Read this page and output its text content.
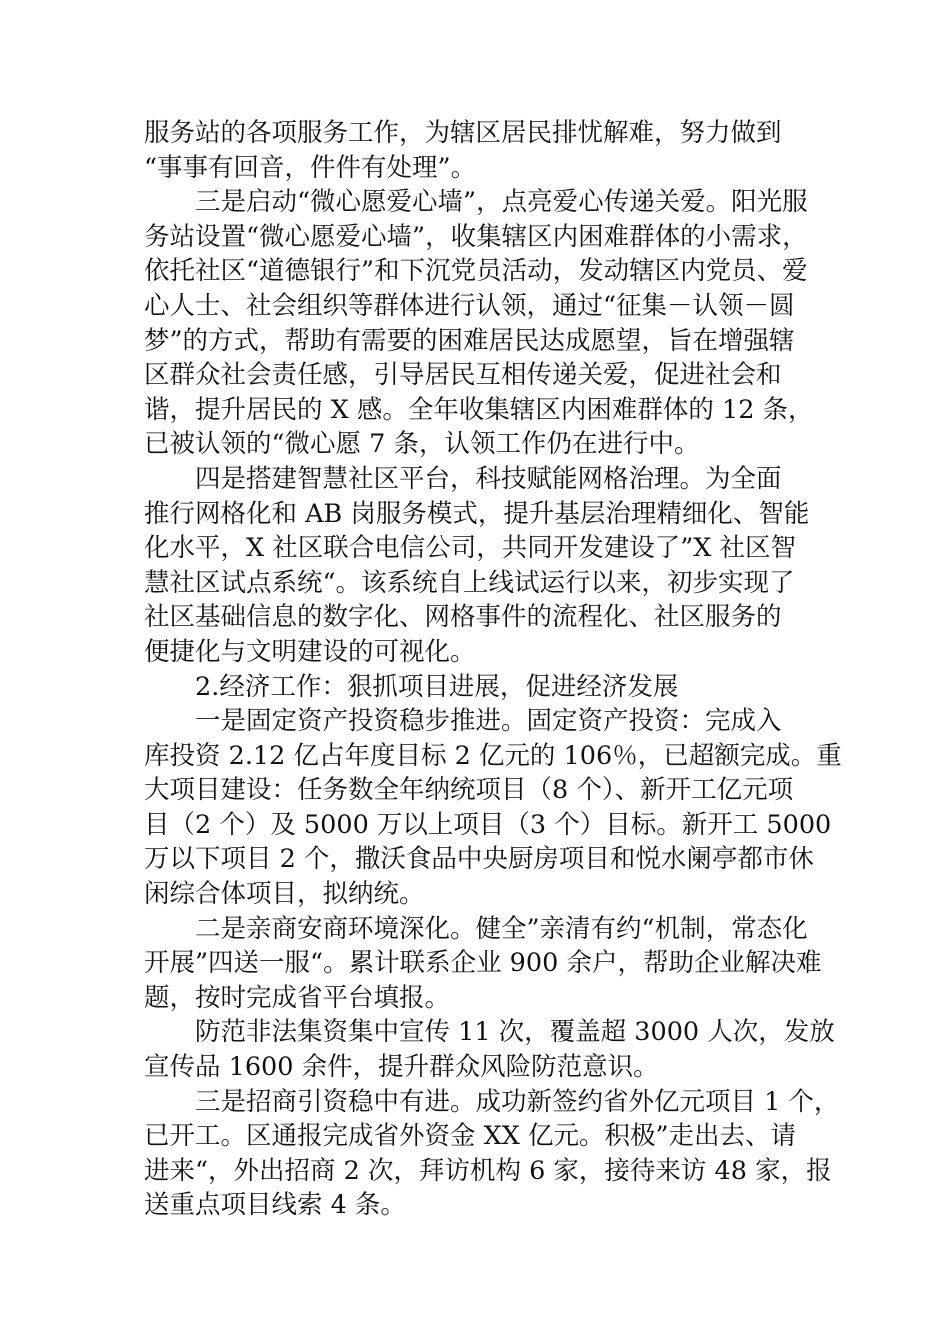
服务站的各项服务工作，为辖区居民排忧解难，努力做到
“事事有回音，件件有处理”。
三是启动“微心愿爱心墙”，点亮爱心传递关爱。阳光服
务站设置“微心愿爱心墙”，收集辖区内困难群体的小需求，
依托社区“道德银行”和下沉党员活动，发动辖区内党员、爱
心人士、社会组织等群体进行认领，通过“征集－认领－圆
梦”的方式，帮助有需要的困难居民达成愿望，旨在增强辖
区群众社会责任感，引导居民互相传递关爱，促进社会和
谐，提升居民的 X 感。全年收集辖区内困难群体的 12 条，
已被认领的“微心愿 7 条，认领工作仍在进行中。
四是搭建智慧社区平台，科技赋能网格治理。为全面
推行网格化和 AB 岗服务模式，提升基层治理精细化、智能
化水平，X 社区联合电信公司，共同开发建设了”X 社区智
慧社区试点系统“。该系统自上线试运行以来，初步实现了
社区基础信息的数字化、网格事件的流程化、社区服务的
便捷化与文明建设的可视化。
2.经济工作：狠抓项目进展，促进经济发展
一是固定资产投资稳步推进。固定资产投资：完成入
库投资 2.12 亿占年度目标 2 亿元的 106％，已超额完成。重
大项目建设：任务数全年纳统项目（8 个）、新开工亿元项
目（2 个）及 5000 万以上项目（3 个）目标。新开工 5000
万以下项目 2 个，撒沃食品中央厨房项目和悦水阑亭都市休
闲综合体项目，拟纳统。
二是亲商安商环境深化。健全”亲清有约“机制，常态化
开展”四送一服“。累计联系企业 900 余户，帮助企业解决难
题，按时完成省平台填报。
防范非法集资集中宣传 11 次，覆盖超 3000 人次，发放
宣传品 1600 余件，提升群众风险防范意识。
三是招商引资稳中有进。成功新签约省外亿元项目 1 个，
已开工。区通报完成省外资金 XX 亿元。积极”走出去、请
进来“，外出招商 2 次，拜访机构 6 家，接待来访 48 家，报
送重点项目线索 4 条。
